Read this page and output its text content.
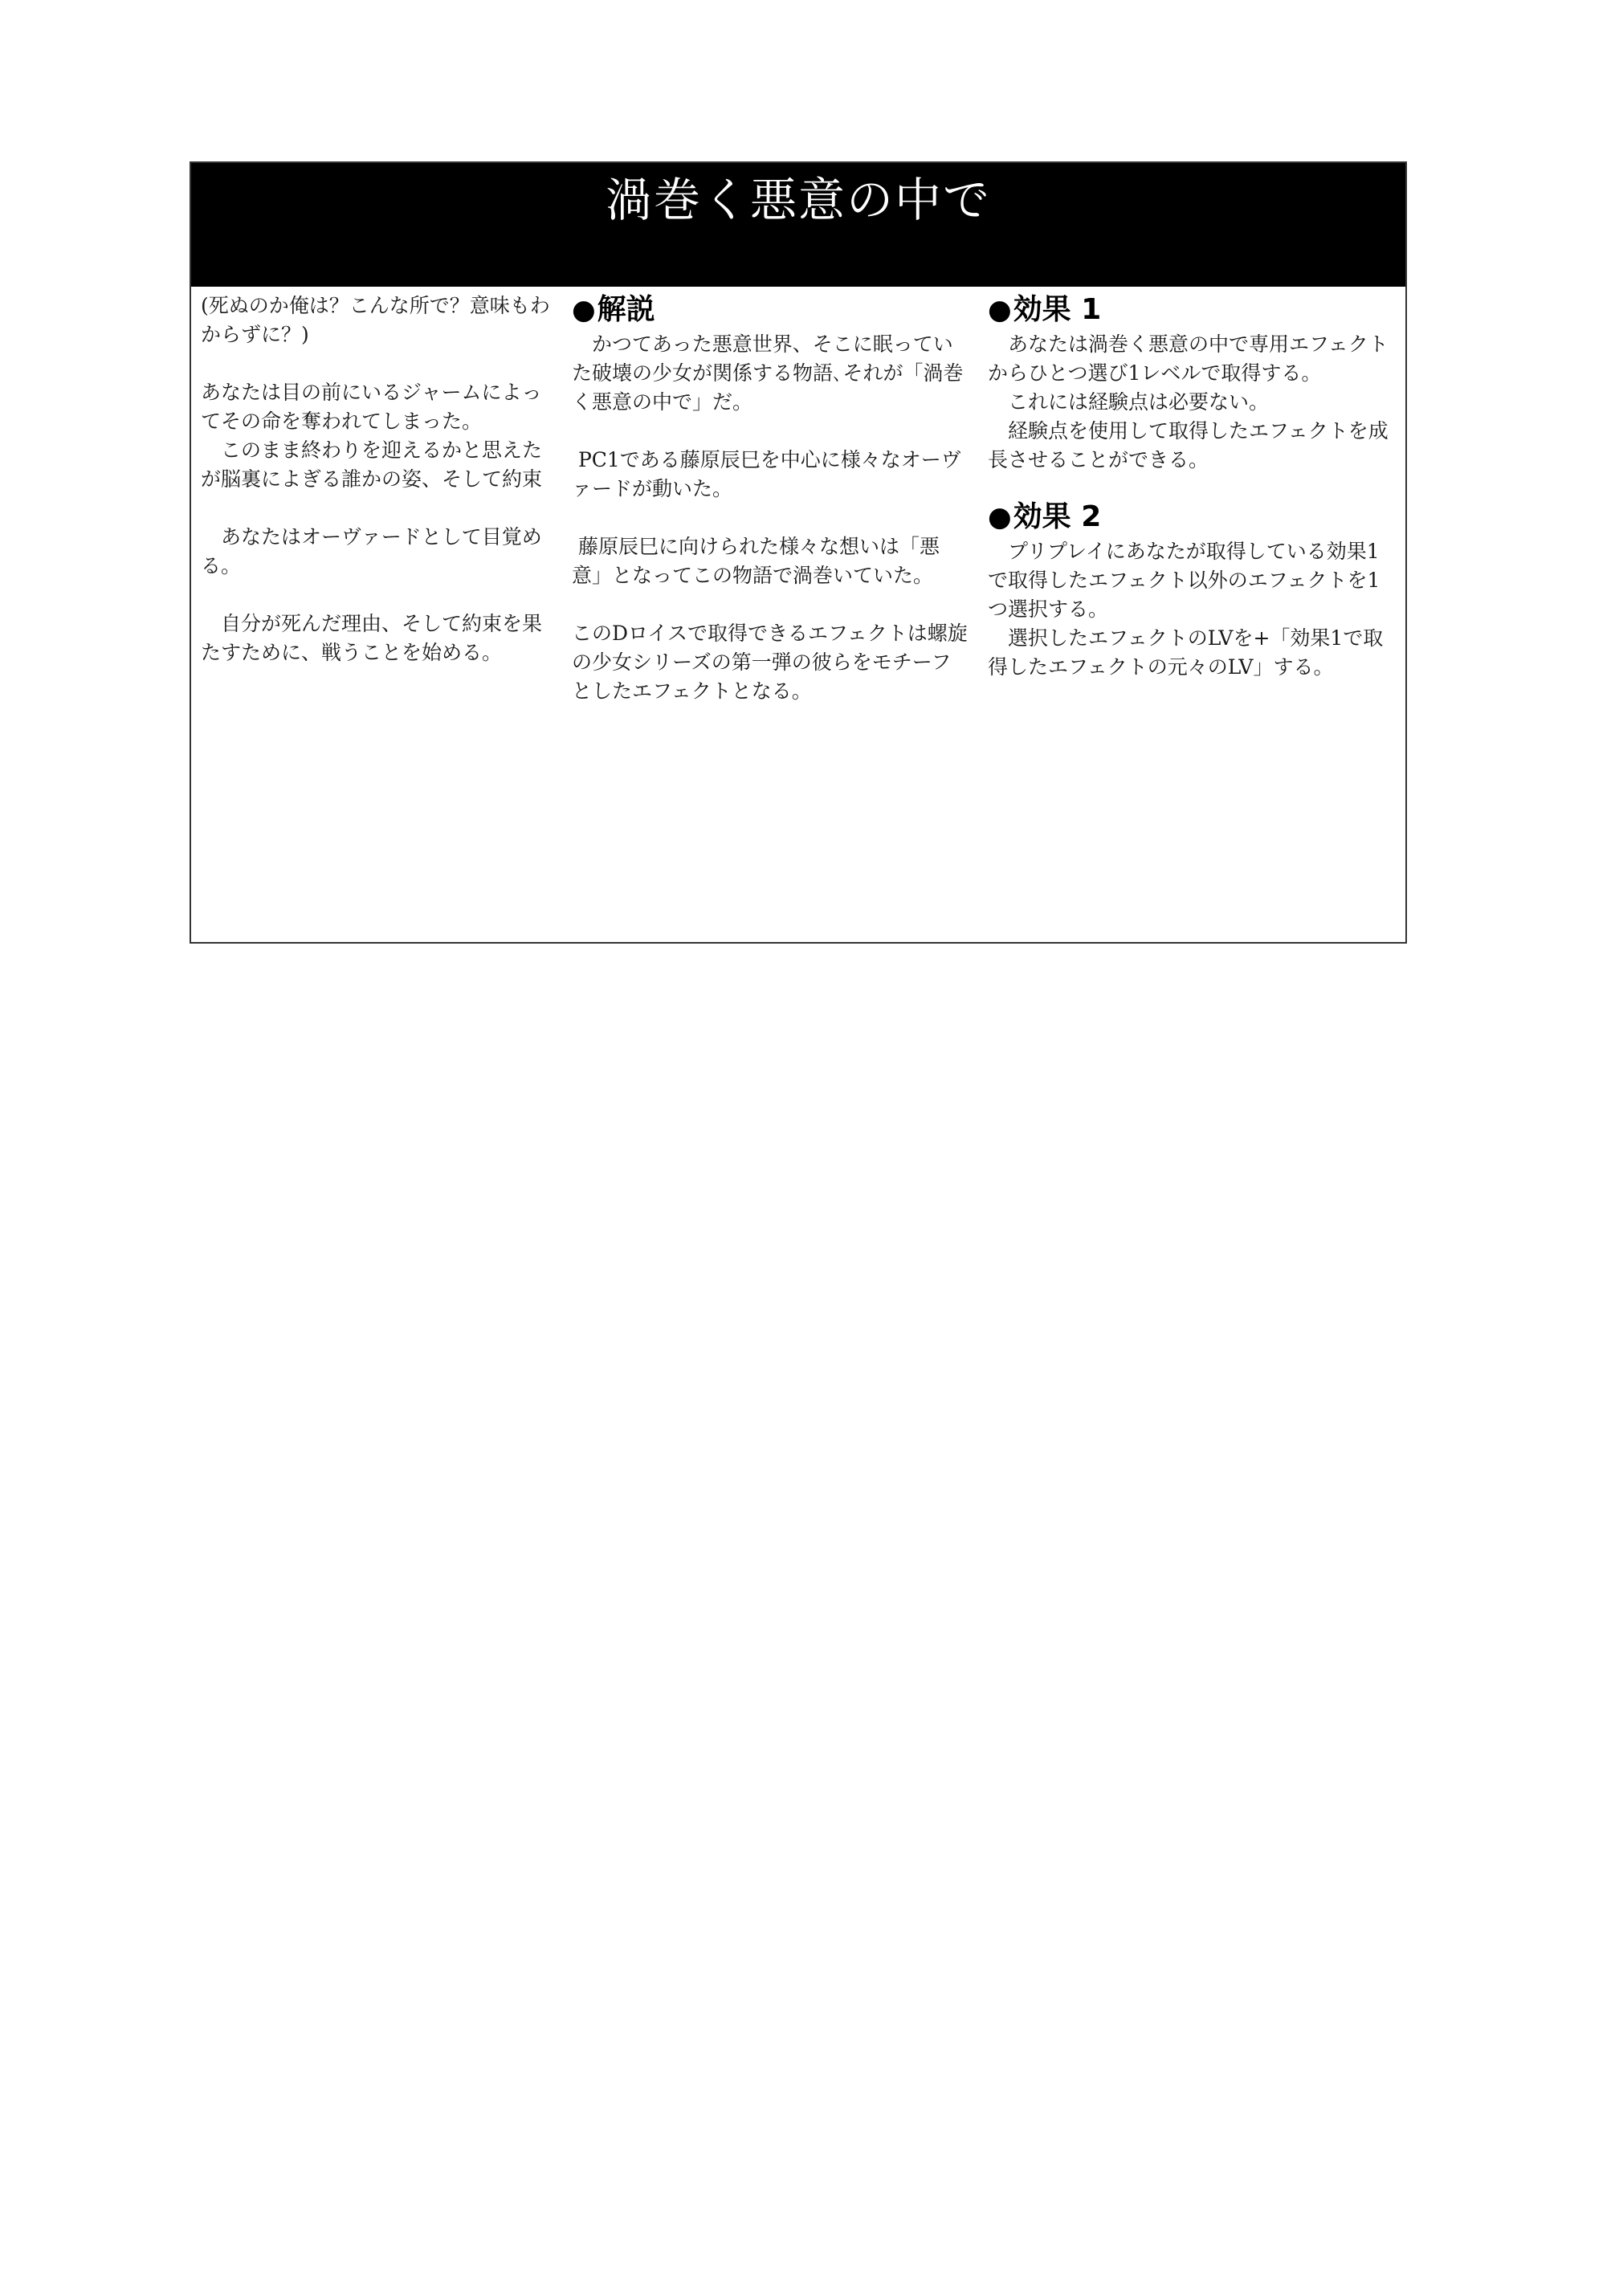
渦巻く悪意の中で

(死ぬのか俺は？こんな所で？意味もわからずに？)

あなたは目の前にいるジャームによってその命を奪われてしまった。

　このまま終わりを迎えるかと思えたが脳裏によぎる誰かの姿、そして約束

　あなたはオーヴァードとして目覚める。

　自分が死んだ理由、そして約束を果たすために、戦うことを始める。

●解説

　かつてあった悪意世界、そこに眠っていた破壊の少女が関係する物語､それが「渦巻く悪意の中で」だ。

PC1である藤原辰巳を中心に様々なオーヴァードが動いた。

藤原辰巳に向けられた様々な想いは「悪意」となってこの物語で渦巻いていた。

このDロイスで取得できるエフェクトは螺旋の少女シリーズの第一弾の彼らをモチーフとしたエフェクトとなる。

●効果 1

　あなたは渦巻く悪意の中で専用エフェクトからひとつ選び1レベルで取得する。

　これには経験点は必要ない。

　経験点を使用して取得したエフェクトを成長させることができる。

●効果 2

　プリプレイにあなたが取得している効果1で取得したエフェクト以外のエフェクトを1つ選択する。

　選択したエフェクトのLVを+「効果1で取得したエフェクトの元々のLV」する。
